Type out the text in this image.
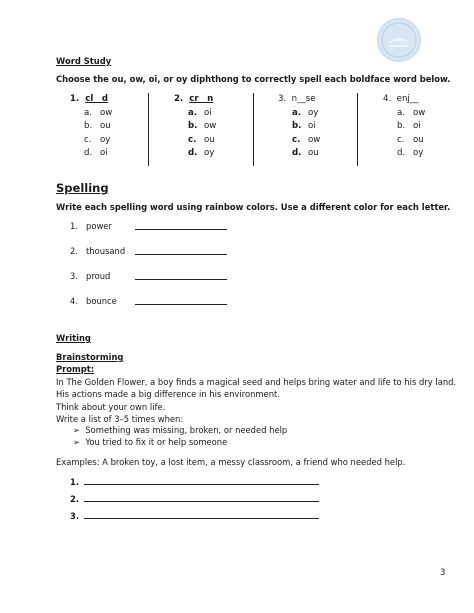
Word Study
Choose the ou, ow, oi, or oy diphthong to correctly spell each boldface word below.
1. cl__d
a. ow
b. ou
c. oy
d. oi
2. cr__n
a. oi
b. ow
c. ou
d. oy
3. n__se
a. oy
b. oi
c. ow
d. ou
4. enj__
a. ow
b. oi
c. ou
d. oy
Spelling
Write each spelling word using rainbow colors. Use a different color for each letter.
1. power
2. thousand
3. proud
4. bounce
Writing
Brainstorming
Prompt:
In The Golden Flower, a boy finds a magical seed and helps bring water and life to his dry land.
His actions made a big difference in his environment.
Think about your own life.
Write a list of 3–5 times when:
➢ Something was missing, broken, or needed help
➢ You tried to fix it or help someone
Examples: A broken toy, a lost item, a messy classroom, a friend who needed help.
1.
2.
3.
3
